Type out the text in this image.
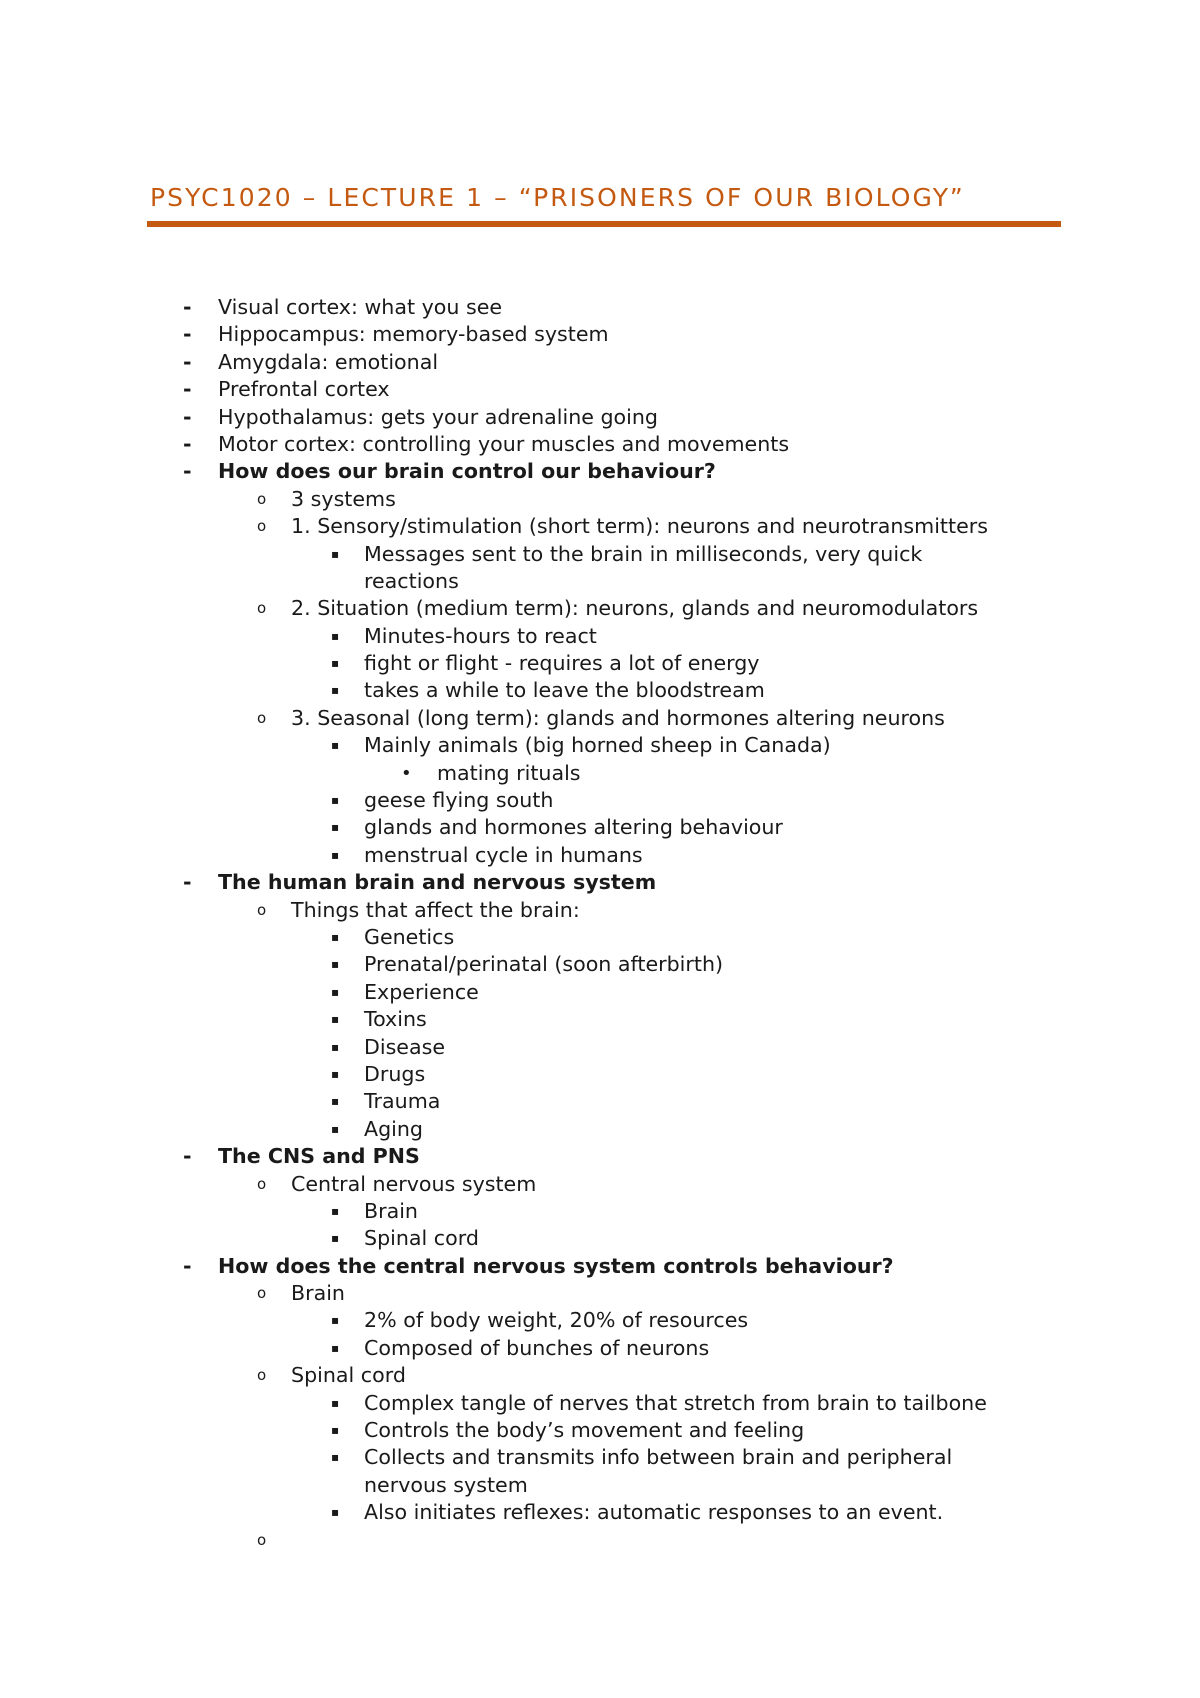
PSYC1020 – LECTURE 1 – “PRISONERS OF OUR BIOLOGY”
- Visual cortex: what you see
- Hippocampus: memory-based system
- Amygdala: emotional
- Prefrontal cortex
- Hypothalamus: gets your adrenaline going
- Motor cortex: controlling your muscles and movements
- How does our brain control our behaviour?
o 3 systems
o 1. Sensory/stimulation (short term): neurons and neurotransmitters
▪ Messages sent to the brain in milliseconds, very quick
reactions
o 2. Situation (medium term): neurons, glands and neuromodulators
▪ Minutes-hours to react
▪ fight or flight - requires a lot of energy
▪ takes a while to leave the bloodstream
o 3. Seasonal (long term): glands and hormones altering neurons
▪ Mainly animals (big horned sheep in Canada)
• mating rituals
▪ geese flying south
▪ glands and hormones altering behaviour
▪ menstrual cycle in humans
- The human brain and nervous system
o Things that affect the brain:
▪ Genetics
▪ Prenatal/perinatal (soon afterbirth)
▪ Experience
▪ Toxins
▪ Disease
▪ Drugs
▪ Trauma
▪ Aging
- The CNS and PNS
o Central nervous system
▪ Brain
▪ Spinal cord
- How does the central nervous system controls behaviour?
o Brain
▪ 2% of body weight, 20% of resources
▪ Composed of bunches of neurons
o Spinal cord
▪ Complex tangle of nerves that stretch from brain to tailbone
▪ Controls the body’s movement and feeling
▪ Collects and transmits info between brain and peripheral
nervous system
▪ Also initiates reflexes: automatic responses to an event.
o
